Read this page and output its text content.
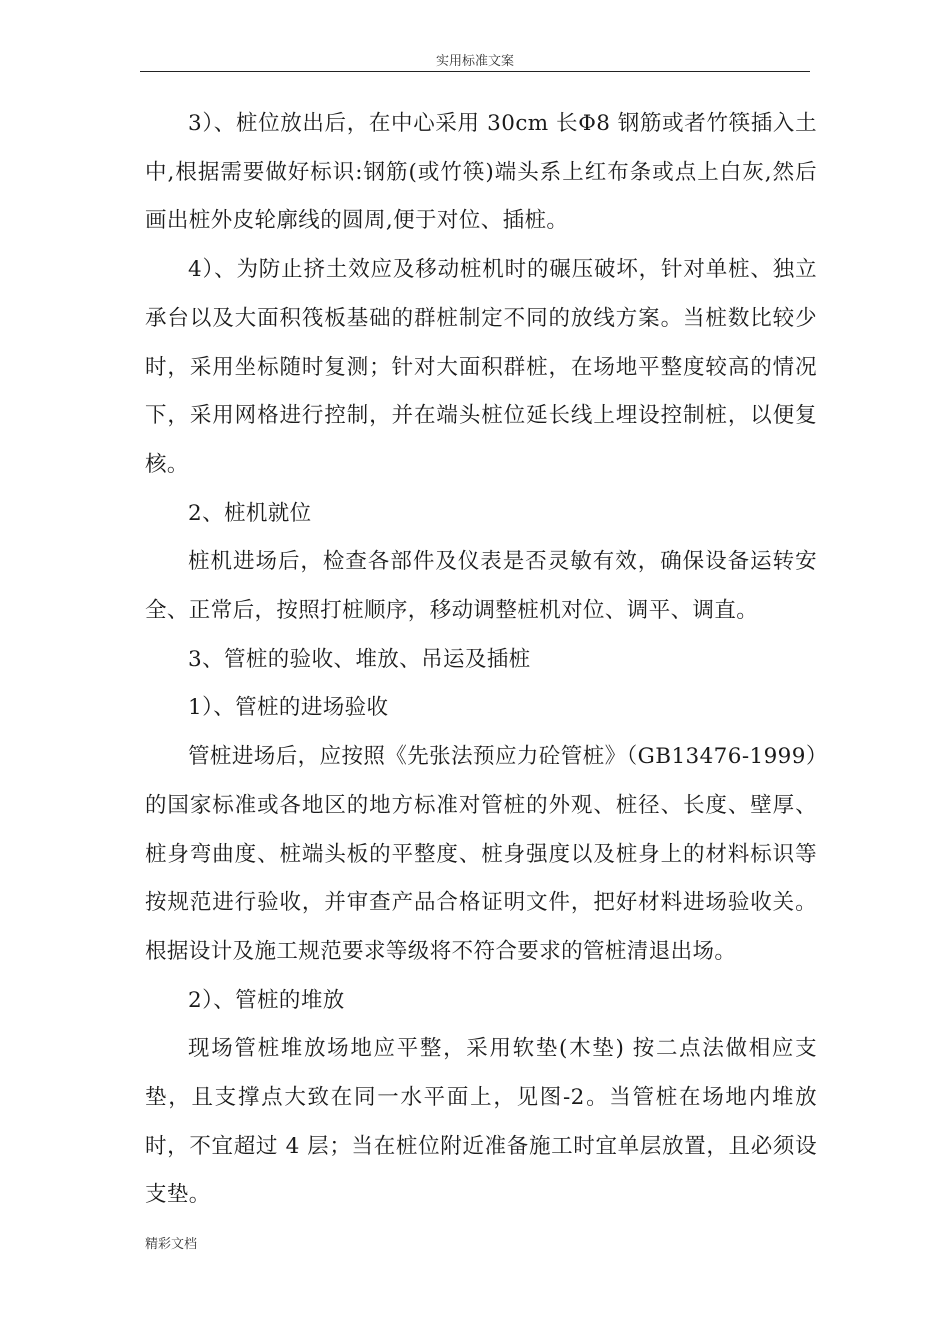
实用标准文案

3）、桩位放出后，在中心采用 30cm 长Φ8 钢筋或者竹筷插入土中,根据需要做好标识:钢筋(或竹筷)端头系上红布条或点上白灰,然后画出桩外皮轮廓线的圆周,便于对位、插桩。

4）、为防止挤土效应及移动桩机时的碾压破坏，针对单桩、独立承台以及大面积筏板基础的群桩制定不同的放线方案。当桩数比较少时，采用坐标随时复测；针对大面积群桩，在场地平整度较高的情况下，采用网格进行控制，并在端头桩位延长线上埋设控制桩，以便复核。

2、桩机就位

桩机进场后，检查各部件及仪表是否灵敏有效，确保设备运转安全、正常后，按照打桩顺序，移动调整桩机对位、调平、调直。

3、管桩的验收、堆放、吊运及插桩

1）、管桩的进场验收

管桩进场后，应按照《先张法预应力砼管桩》（GB13476-1999）的国家标准或各地区的地方标准对管桩的外观、桩径、长度、壁厚、桩身弯曲度、桩端头板的平整度、桩身强度以及桩身上的材料标识等按规范进行验收，并审查产品合格证明文件，把好材料进场验收关。根据设计及施工规范要求等级将不符合要求的管桩清退出场。

2）、管桩的堆放

现场管桩堆放场地应平整，采用软垫(木垫) 按二点法做相应支垫，且支撑点大致在同一水平面上，见图-2。当管桩在场地内堆放时，不宜超过 4 层；当在桩位附近准备施工时宜单层放置，且必须设支垫。

精彩文档
